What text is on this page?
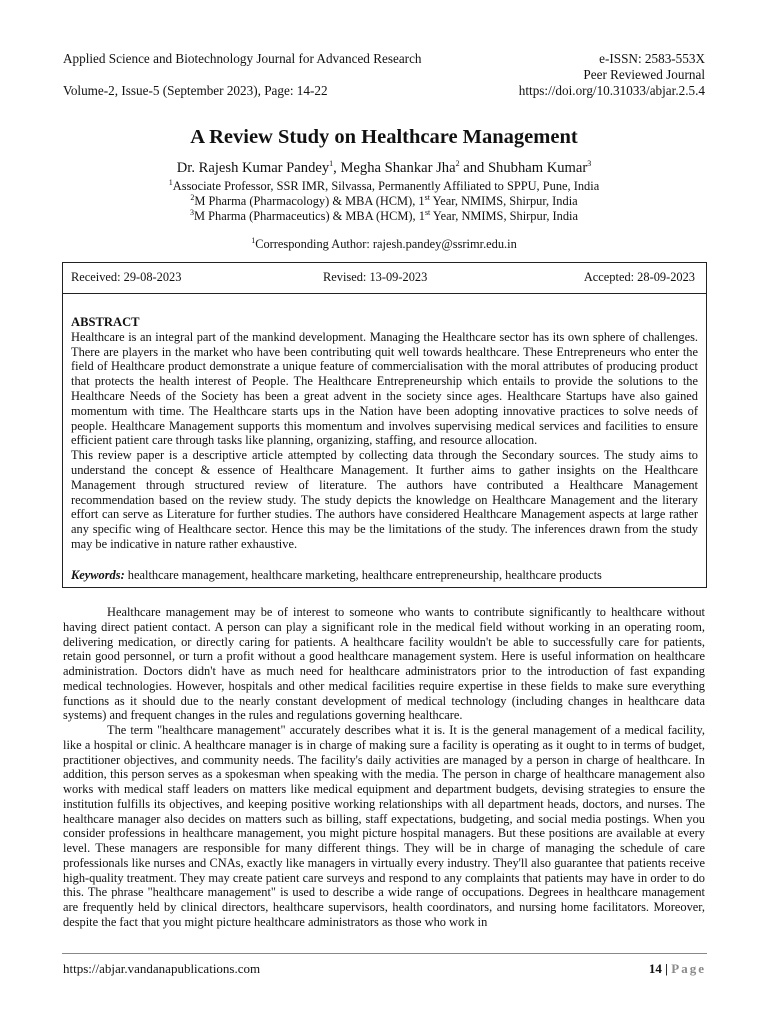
Applied Science and Biotechnology Journal for Advanced Research
Volume-2, Issue-5 (September 2023), Page: 14-22
e-ISSN: 2583-553X
Peer Reviewed Journal
https://doi.org/10.31033/abjar.2.5.4
A Review Study on Healthcare Management
Dr. Rajesh Kumar Pandey$^1$, Megha Shankar Jha$^2$ and Shubham Kumar$^3$
$^1$Associate Professor, SSR IMR, Silvassa, Permanently Affiliated to SPPU, Pune, India
$^2$M Pharma (Pharmacology) & MBA (HCM), 1st Year, NMIMS, Shirpur, India
$^3$M Pharma (Pharmaceutics) & MBA (HCM), 1st Year, NMIMS, Shirpur, India
$^1$Corresponding Author: rajesh.pandey@ssrimr.edu.in
Received: 29-08-2023	Revised: 13-09-2023	Accepted: 28-09-2023
ABSTRACT

Healthcare is an integral part of the mankind development. Managing the Healthcare sector has its own sphere of challenges. There are players in the market who have been contributing quit well towards healthcare. These Entrepreneurs who enter the field of Healthcare product demonstrate a unique feature of commercialisation with the moral attributes of producing product that protects the health interest of People. The Healthcare Entrepreneurship which entails to provide the solutions to the Healthcare Needs of the Society has been a great advent in the society since ages. Healthcare Startups have also gained momentum with time. The Healthcare starts ups in the Nation have been adopting innovative practices to solve needs of people. Healthcare Management supports this momentum and involves supervising medical services and facilities to ensure efficient patient care through tasks like planning, organizing, staffing, and resource allocation.

This review paper is a descriptive article attempted by collecting data through the Secondary sources. The study aims to understand the concept & essence of Healthcare Management. It further aims to gather insights on the Healthcare Management through structured review of literature. The authors have contributed a Healthcare Management recommendation based on the review study. The study depicts the knowledge on Healthcare Management and the literary effort can serve as Literature for further studies. The authors have considered Healthcare Management aspects at large rather any specific wing of Healthcare sector. Hence this may be the limitations of the study. The inferences drawn from the study may be indicative in nature rather exhaustive.

Keywords: healthcare management, healthcare marketing, healthcare entrepreneurship, healthcare products

Healthcare management may be of interest to someone who wants to contribute significantly to healthcare without having direct patient contact. A person can play a significant role in the medical field without working in an operating room, delivering medication, or directly caring for patients. A healthcare facility wouldn't be able to successfully care for patients, retain good personnel, or turn a profit without a good healthcare management system. Here is useful information on healthcare administration. Doctors didn't have as much need for healthcare administrators prior to the introduction of fast expanding medical technologies. However, hospitals and other medical facilities require expertise in these fields to make sure everything functions as it should due to the nearly constant development of medical technology (including changes in healthcare data systems) and frequent changes in the rules and regulations governing healthcare.

The term "healthcare management" accurately describes what it is. It is the general management of a medical facility, like a hospital or clinic. A healthcare manager is in charge of making sure a facility is operating as it ought to in terms of budget, practitioner objectives, and community needs. The facility's daily activities are managed by a person in charge of healthcare. In addition, this person serves as a spokesman when speaking with the media. The person in charge of healthcare management also works with medical staff leaders on matters like medical equipment and department budgets, devising strategies to ensure the institution fulfills its objectives, and keeping positive working relationships with all department heads, doctors, and nurses. The healthcare manager also decides on matters such as billing, staff expectations, budgeting, and social media postings. When you consider professions in healthcare management, you might picture hospital managers. But these positions are available at every level. These managers are responsible for many different things. They will be in charge of managing the schedule of care professionals like nurses and CNAs, exactly like managers in virtually every industry. They'll also guarantee that patients receive high-quality treatment. They may create patient care surveys and respond to any complaints that patients may have in order to do this. The phrase "healthcare management" is used to describe a wide range of occupations. Degrees in healthcare management are frequently held by clinical directors, healthcare supervisors, health coordinators, and nursing home facilitators. Moreover, despite the fact that you might picture healthcare administrators as those who work in

https://abjar.vandanapublications.com	14 | Page
